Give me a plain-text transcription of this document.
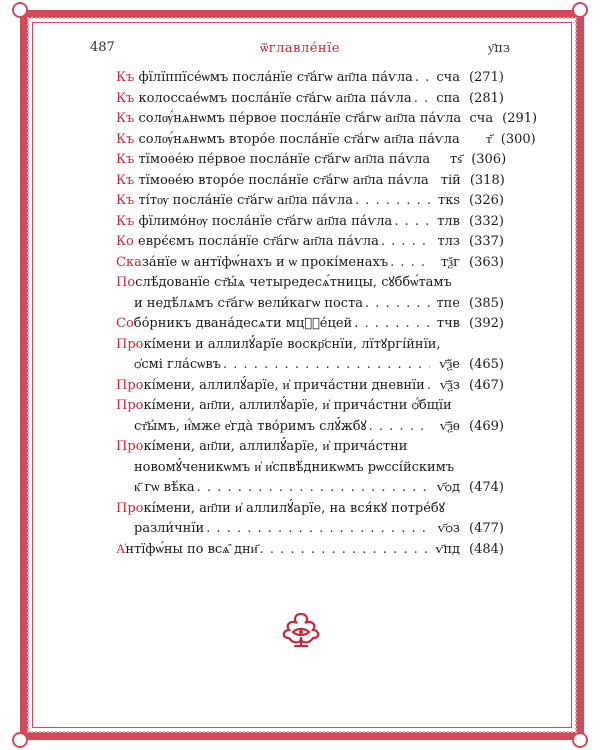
487	ѿглавле́нїе	у҃пз
Къ фїлїппїсе́ѡмъ посла́нїе ст҃а́гѡ ап҃ла па́ѵла . . .	сча (271)
Къ колоссае́ѡмъ посла́нїе ст҃а́гѡ ап҃ла па́ѵла . . .	спа (281)
Къ солѹ́нѧнѡмъ пе́рвое посла́нїе ст҃а́гѡ ап҃ла па́ѵла сча (291)
Къ солѹ́нѧнѡмъ второ́е посла́нїе ст҃а́гѡ ап҃ла па́ѵла	т҃ (300)
Къ тїмоѳе́ю пе́рвое посла́нїе ст҃а́гѡ ап҃ла па́ѵла	тѕ҃ (306)
Къ тїмоѳе́ю второ́е посла́нїе ст҃а́гѡ ап҃ла па́ѵла тій (318)
Къ ті́тѹ посла́нїе ст҃а́гѡ ап҃ла па́ѵла . . .	ткѕ (326)
Къ фїлимо́нѹ посла́нїе ст҃а́гѡ ап҃ла па́ѵла . . .	тлв (332)
Ко еврє́ємъ посла́нїе ст҃а́гѡ ап҃ла па́ѵла . . .	тлз (337)
Сказа́нїе ѡ антїфѡ́нахъ и ѡ прокі́менахъ . . .	тѯг (363)
Послѣ́дованїе ст҃ы́ѧ четыредесѧ́тницы, сꙋббѡ́тамъ
и недѣ́лѧмъ ст҃а́гѡ вели́кагѡ поста . . .	тпе (385)
Собо́рникъ двана́десѧти мцⷭ҇е́цей . . .	тчв (392)
Прокі́мени и аллилꙋ́арїе воскр҃снїи, лїтꙋргі́йнїи,
ѻ҆смі гла́сѡвъ . . .	ѵ҃ѯе (465)
Прокі́мени, аллилꙋ́арїе, и҆ прича́стни дневнїи . . .	ѵ҃ѯз (467)
Прокі́мени, ап҃ли, аллилꙋ́арїе, и҆ прича́стни ѻ҆́бщїи
ст҃ы́мъ, и҆́мже е҆гда̀ тво́римъ слꙋ́жбꙋ . . .	ѵ҃ѯѳ (469)
Прокі́мени, ап҃ли, аллилꙋ́арїе, и҆ прича́стни
новомꙋ́ченикѡмъ и҆ и҆спвѣ́дникѡмъ рѡссі́йскимъ
к҃ гѡ вѣ́ка . . .	ѵ҃ѻд (474)
Прокі́мени, ап҃ли и҆ аллилꙋ́арїе, на вся́кꙋ потре́бꙋ
разли́чнїи . . .	ѵ҃ѻз (477)
А҆нтїфѡ́ны по всѧ̑ дни҃ . . .	ѵ҃пд (484)
